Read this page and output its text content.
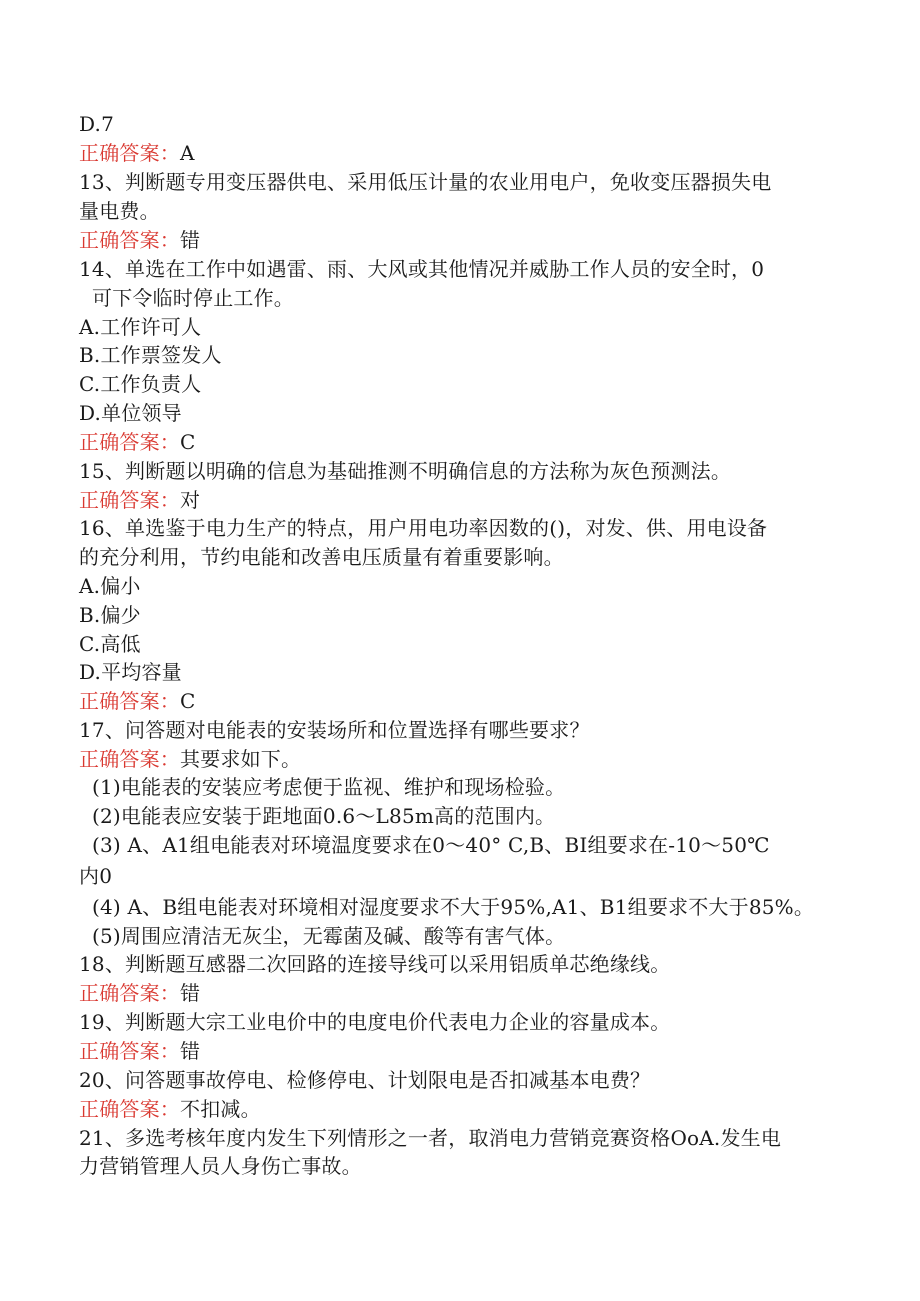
D.7
正确答案：A
13、判断题专用变压器供电、采用低压计量的农业用电户，免收变压器损失电
量电费。
正确答案：错
14、单选在工作中如遇雷、雨、大风或其他情况并威胁工作人员的安全时，0
可下令临时停止工作。
A.工作许可人
B.工作票签发人
C.工作负责人
D.单位领导
正确答案：C
15、判断题以明确的信息为基础推测不明确信息的方法称为灰色预测法。
正确答案：对
16、单选鉴于电力生产的特点，用户用电功率因数的()，对发、供、用电设备
的充分利用，节约电能和改善电压质量有着重要影响。
A.偏小
B.偏少
C.高低
D.平均容量
正确答案：C
17、问答题对电能表的安装场所和位置选择有哪些要求？
正确答案：其要求如下。
(1)电能表的安装应考虑便于监视、维护和现场检验。
(2)电能表应安装于距地面0.6～L85m高的范围内。
(3) A、A1组电能表对环境温度要求在0～40° C,B、BI组要求在-10～50℃
内0
(4) A、B组电能表对环境相对湿度要求不大于95%,A1、B1组要求不大于85%。
(5)周围应清洁无灰尘，无霉菌及碱、酸等有害气体。
18、判断题互感器二次回路的连接导线可以采用铝质单芯绝缘线。
正确答案：错
19、判断题大宗工业电价中的电度电价代表电力企业的容量成本。
正确答案：错
20、问答题事故停电、检修停电、计划限电是否扣减基本电费？
正确答案：不扣减。
21、多选考核年度内发生下列情形之一者，取消电力营销竞赛资格OoA.发生电
力营销管理人员人身伤亡事故。
